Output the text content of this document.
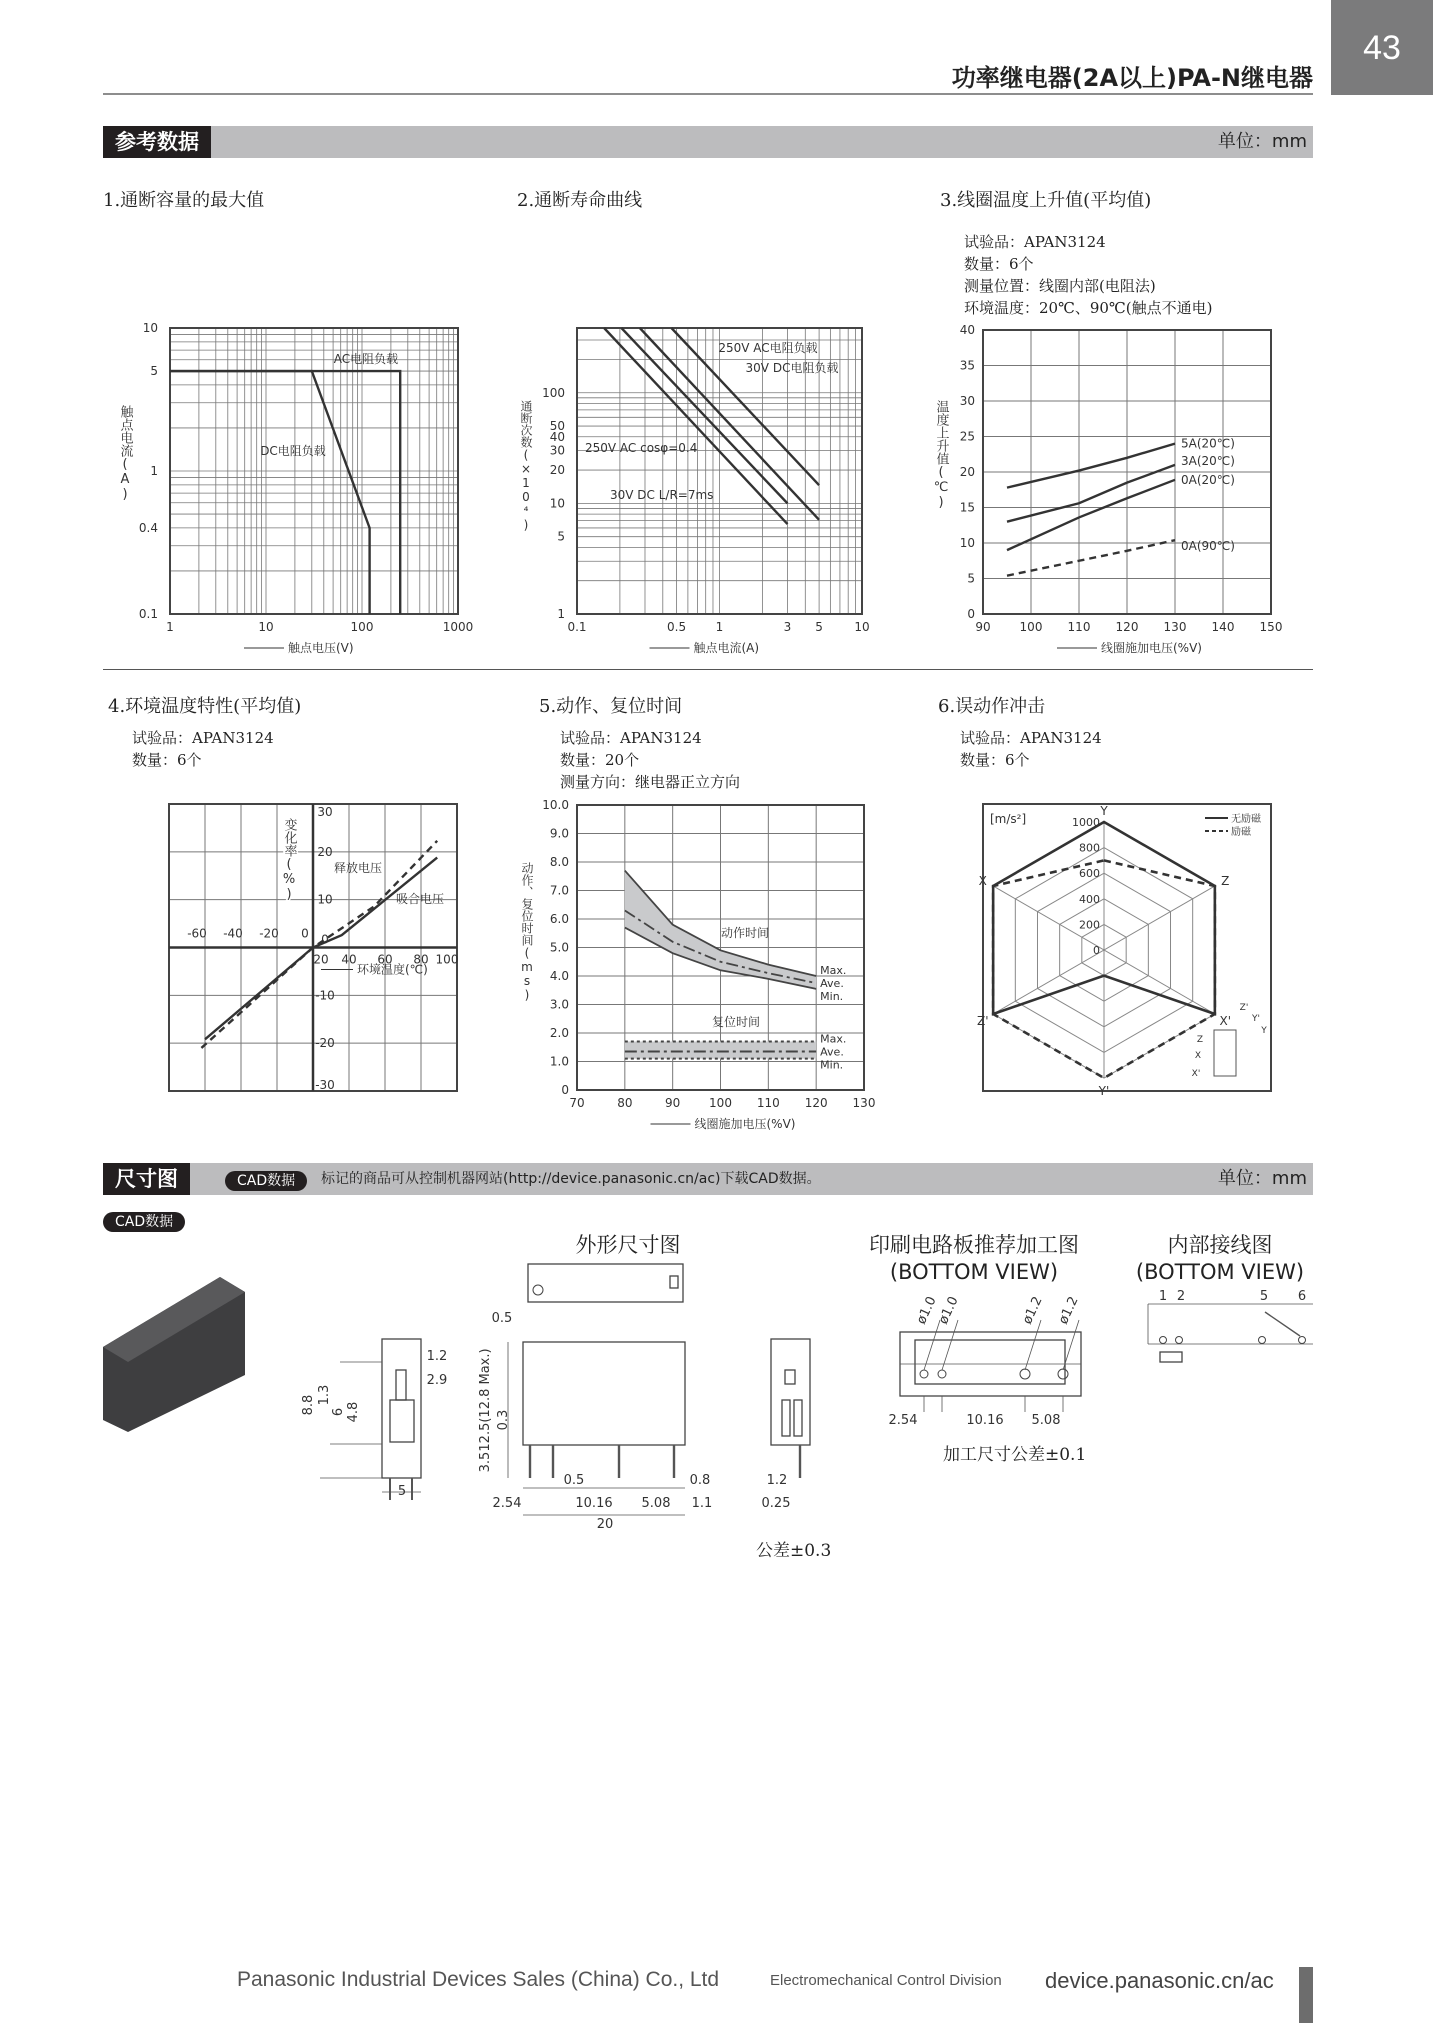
43
功率继电器(2A以上)PA-N继电器
参考数据	单位：mm
1.通断容量的最大值	2.通断寿命曲线	3.线圈温度上升值(平均值)
试验品：APAN3124
数量：6个
测量位置：线圈内部(电阻法)
环境温度：20℃、90℃(触点不通电)
4.环境温度特性(平均值)	5.动作、复位时间	6.误动作冲击
试验品：APAN3124
数量：6个
试验品：APAN3124
数量：20个
测量方向：继电器正立方向
试验品：APAN3124
数量：6个
尺寸图	CAD数据	标记的商品可从控制机器网站(http://device.panasonic.cn/ac)下载CAD数据。	单位：mm
CAD数据
外形尺寸图	印刷电路板推荐加工图
(BOTTOM VIEW)
内部接线图
(BOTTOM VIEW)
公差±0.3
加工尺寸公差±0.1
1	10	100	1000
0.1
0.4
1
5
10
触点电压(V)
触点电流(A)
AC电阻负载
DC电阻负载
0.1	0.5 1	3 5	10
1
5
10
20
30
40
50
100
触点电流(A)
通断次数(×10⁴)
250V AC电阻负载
30V DC电阻负载
250V AC cosφ=0.4
30V DC L/R=7ms
90 100 110 120 130 140 150
0
5
10
15
20
25
30
35
40
线圈施加电压(%V)
温度上升值(℃)	5A(20℃)
3A(20℃)
0A(20℃)
0A(90℃)
-60 -40 -20 0
20 40 60 80 100
-30
-20
-10
0
10
20
30
变化率(%)
环境温度(℃)
释放电压
吸合电压
Max.
Ave.
Min.
Max.
Ave.
Min.
动作时间
复位时间
70	80	90 100 110 120 130
0
1.0
2.0
3.0
4.0
5.0
6.0
7.0
8.0
9.0
10.0
线圈施加电压(%V)
动作、复位时间(ms)	0
200
400
600
800
1000
Y
Z
X'
Y'
Z'
X
[m/s²]	无励磁
励磁
Z'
Y'
Y
Z
X
X'
1.2
2.9
8.8 1.3
6 4.8
5
0.5
12.5(12.8 Max.) 0.3
3.5
0.5	0.8
2.54	10.16 5.08 1.1
20
1.2
0.25
ø1.0
ø1.0	ø1.2 ø1.2
2.54	10.16 5.08
1 2	5 6
Panasonic Industrial Devices Sales (China) Co., Ltd	Electromechanical Control Division device.panasonic.cn/ac
